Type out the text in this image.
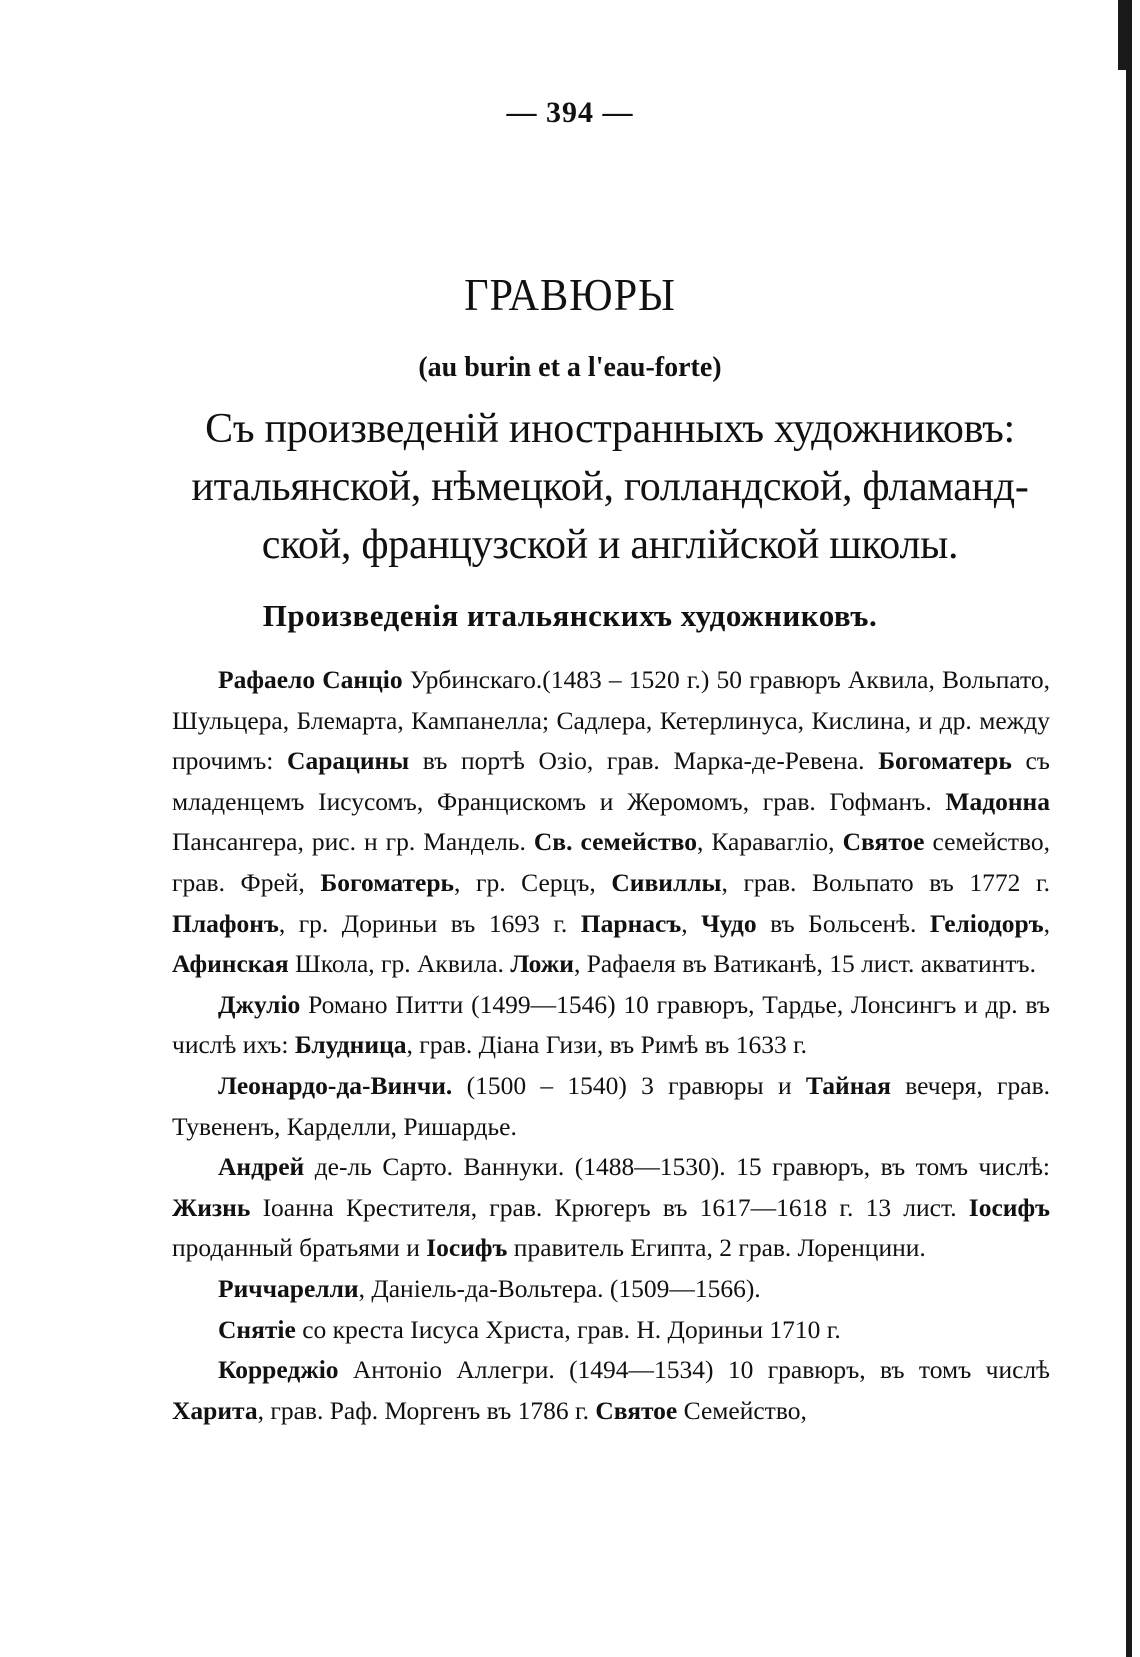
— 394 —
ГРАВЮРЫ
(au burin et a l'eau-forte)
Съ произведеній иностранныхъ художниковъ:
итальянской, нѣмецкой, голландской, фламанд-
ской, французской и англійской школы.
Произведенія итальянскихъ художниковъ.

Рафаело Санціо Урбинскаго.(1483 – 1520 г.) 50 гравюръ Аквила, Вольпато, Шульцера, Блемарта, Кампанелла; Садлера, Кетерлинуса, Кислина, и др. между прочимъ: Сарацины въ портѣ Озіо, грав. Марка-де-Ревена. Богоматерь съ младенцемъ Іисусомъ, Францискомъ и Жеромомъ, грав. Гофманъ. Мадонна Пансангера, рис. н гр. Мандель. Св. семейство, Каравагліо, Святое семейство, грав. Фрей, Богоматерь, гр. Серцъ, Сивиллы, грав. Вольпато въ 1772 г. Плафонъ, гр. Дориньи въ 1693 г. Парнасъ, Чудо въ Больсенѣ. Геліодоръ, Афинская Школа, гр. Аквила. Ложи, Рафаеля въ Ватиканѣ, 15 лист. акватинтъ.

Джуліо Романо Питти (1499—1546) 10 гравюръ, Тардье, Лонсингъ и др. въ числѣ ихъ: Блудница, грав. Діана Гизи, въ Римѣ въ 1633 г.

Леонардо-да-Винчи. (1500 – 1540) 3 гравюры и Тайная вечеря, грав. Тувененъ, Карделли, Ришардье.

Андрей де-ль Сарто. Ваннуки. (1488—1530). 15 гравюръ, въ томъ числѣ: Жизнь Іоанна Крестителя, грав. Крюгеръ въ 1617—1618 г. 13 лист. Іосифъ проданный братьями и Іосифъ правитель Египта, 2 грав. Лоренцини.

Риччарелли, Даніель-да-Вольтера. (1509—1566).

Снятіе со креста Іисуса Христа, грав. Н. Дориньи 1710 г.

Корреджіо Антоніо Аллегри. (1494—1534) 10 гравюръ, въ томъ числѣ Харита, грав. Раф. Моргенъ въ 1786 г. Святое Семейство,
